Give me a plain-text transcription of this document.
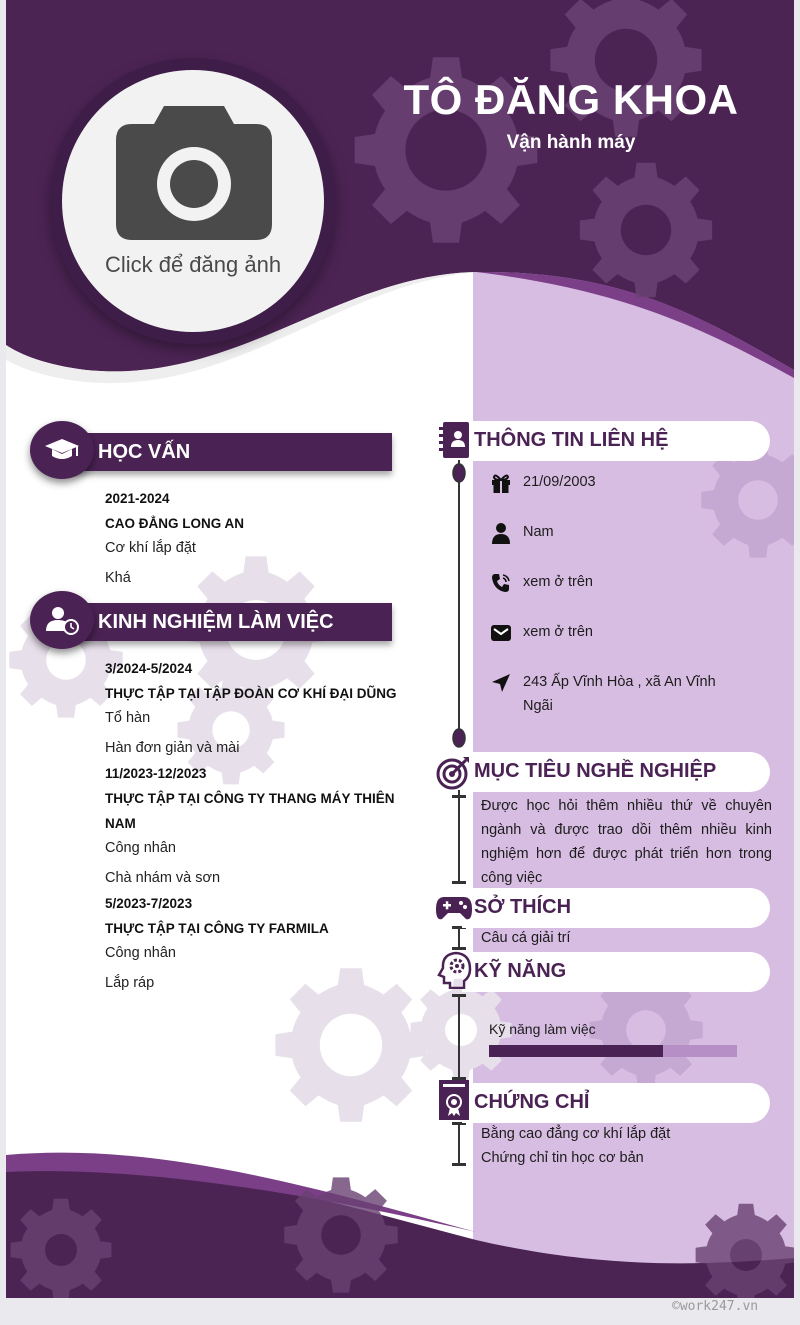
TÔ ĐĂNG KHOA
Vận hành máy
Click để đăng ảnh
HỌC VẤN
2021-2024
CAO ĐẲNG LONG AN
Cơ khí lắp đặt
Khá
KINH NGHIỆM LÀM VIỆC
3/2024-5/2024
THỰC TẬP TẠI TẬP ĐOÀN CƠ KHÍ ĐẠI DŨNG
Tổ hàn
Hàn đơn giản và mài
11/2023-12/2023
THỰC TẬP TẠI CÔNG TY THANG MÁY THIÊN
NAM
Công nhân
Chà nhám và sơn
5/2023-7/2023
THỰC TẬP TẠI CÔNG TY FARMILA
Công nhân
Lắp ráp
THÔNG TIN LIÊN HỆ
21/09/2003
Nam
xem ở trên
xem ở trên
243 Ấp Vĩnh Hòa , xã An Vĩnh
Ngãi
MỤC TIÊU NGHỀ NGHIỆP
Được học hỏi thêm nhiều thứ về chuyên
ngành và được trao dồi thêm nhiều kinh
nghiệm hơn để được phát triển hơn trong
công việc
SỞ THÍCH
Câu cá giải trí
KỸ NĂNG
Kỹ năng làm việc
CHỨNG CHỈ
Bằng cao đẳng cơ khí lắp đặt
Chứng chỉ tin học cơ bản
©work247.vn
